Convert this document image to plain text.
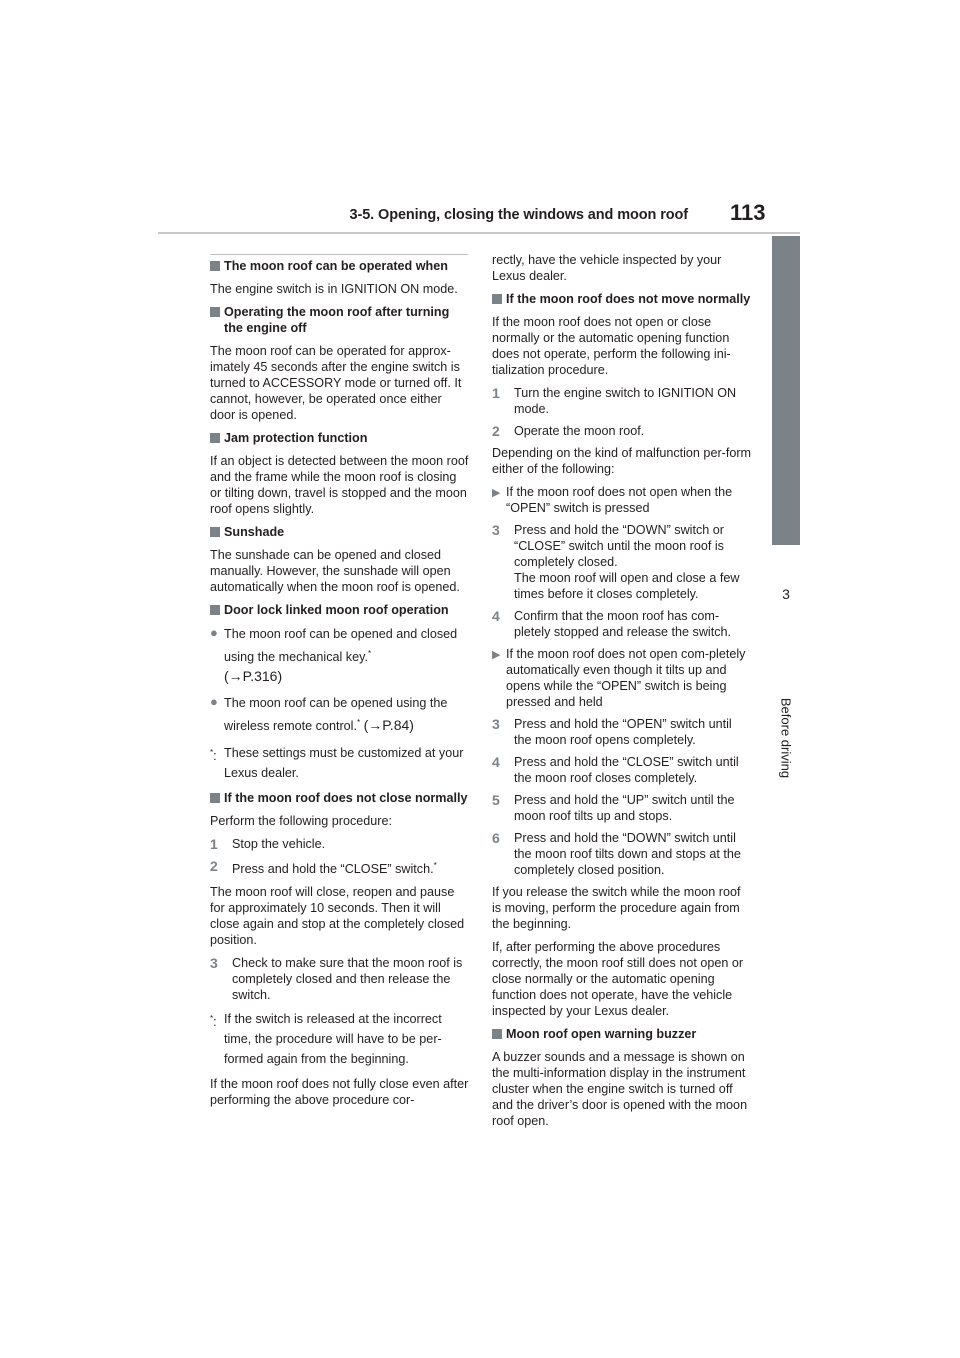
3-5. Opening, closing the windows and moon roof 113
3
Before driving
The moon roof can be operated when

The engine switch is in IGNITION ON mode.

Operating the moon roof after turning the engine off

The moon roof can be operated for approx-imately 45 seconds after the engine switch is turned to ACCESSORY mode or turned off. It cannot, however, be operated once either door is opened.

Jam protection function

If an object is detected between the moon roof and the frame while the moon roof is closing or tilting down, travel is stopped and the moon roof opens slightly.

Sunshade

The sunshade can be opened and closed manually. However, the sunshade will open automatically when the moon roof is opened.

Door lock linked moon roof operation
● The moon roof can be opened and closed using the mechanical key.*
(→P.316)
● The moon roof can be opened using the wireless remote control.* (→P.84)
*: These settings must be customized at your Lexus dealer.
If the moon roof does not close normally

Perform the following procedure:

1	Stop the vehicle.
2	Press and hold the “CLOSE” switch.*

The moon roof will close, reopen and pause for approximately 10 seconds. Then it will close again and stop at the completely closed position.

3	Check to make sure that the moon roof is completely closed and then release the switch.
*: If the switch is released at the incorrect time, the procedure will have to be per-formed again from the beginning.

If the moon roof does not fully close even after performing the above procedure cor-

rectly, have the vehicle inspected by your Lexus dealer.

If the moon roof does not move normally

If the moon roof does not open or close normally or the automatic opening function does not operate, perform the following ini-tialization procedure.

1	Turn the engine switch to IGNITION ON mode.
2	Operate the moon roof.

Depending on the kind of malfunction per-form either of the following:

▶ If the moon roof does not open when the “OPEN” switch is pressed
3	Press and hold the “DOWN” switch or “CLOSE” switch until the moon roof is completely closed.
The moon roof will open and close a few times before it closes completely.
4	Confirm that the moon roof has com-pletely stopped and release the switch.
▶ If the moon roof does not open com-pletely automatically even though it tilts up and opens while the “OPEN” switch is being pressed and held
3	Press and hold the “OPEN” switch until the moon roof opens completely.
4	Press and hold the “CLOSE” switch until the moon roof closes completely.
5	Press and hold the “UP” switch until the moon roof tilts up and stops.
6	Press and hold the “DOWN” switch until the moon roof tilts down and stops at the completely closed position.

If you release the switch while the moon roof is moving, perform the procedure again from the beginning.

If, after performing the above procedures correctly, the moon roof still does not open or close normally or the automatic opening function does not operate, have the vehicle inspected by your Lexus dealer.

Moon roof open warning buzzer

A buzzer sounds and a message is shown on the multi-information display in the instrument cluster when the engine switch is turned off and the driver’s door is opened with the moon roof open.
